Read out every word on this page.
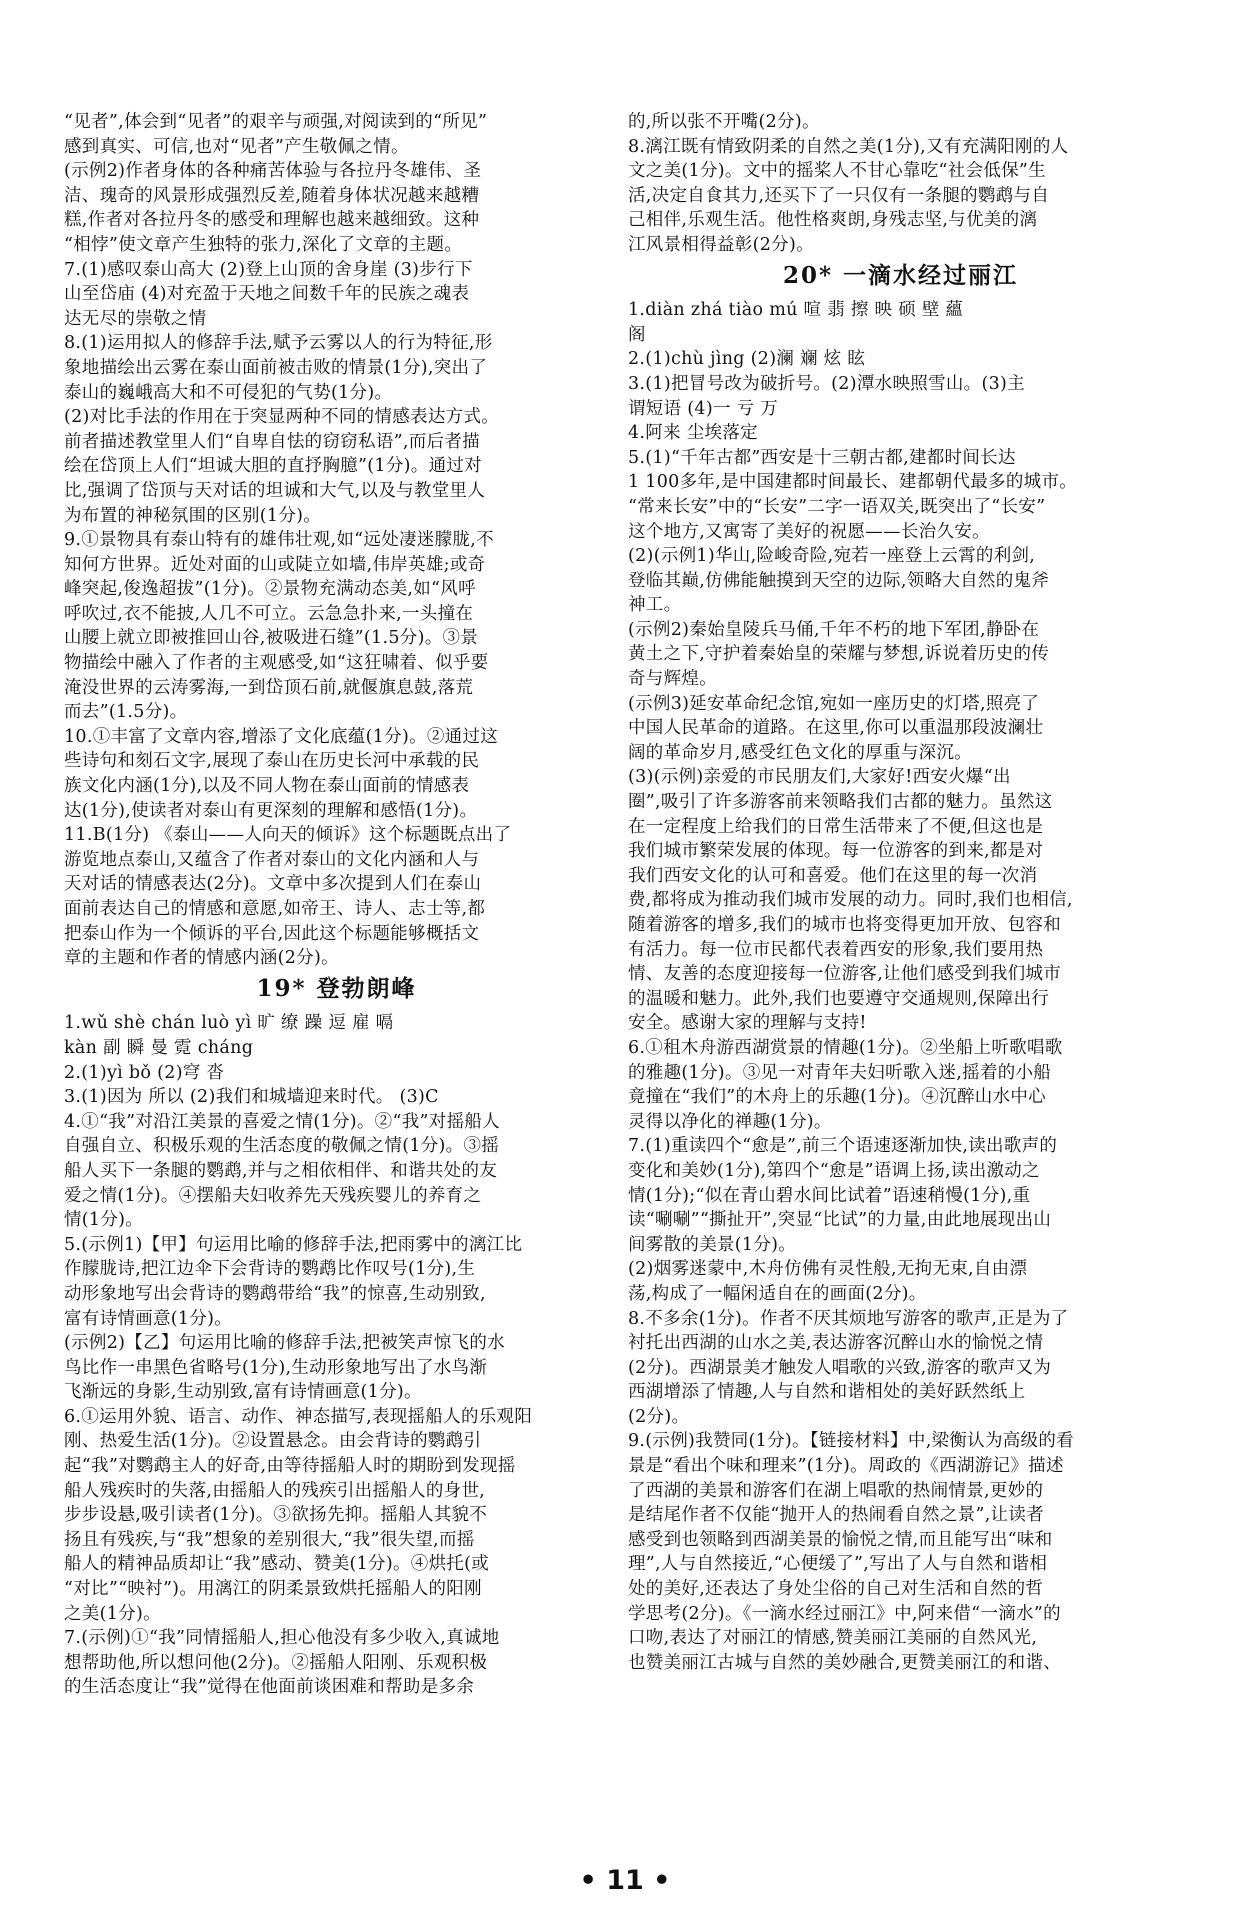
“见者”,体会到“见者”的艰辛与顽强,对阅读到的“所见”

感到真实、可信,也对“见者”产生敬佩之情。

(示例2)作者身体的各种痛苦体验与各拉丹冬雄伟、圣

洁、瑰奇的风景形成强烈反差,随着身体状况越来越糟

糕,作者对各拉丹冬的感受和理解也越来越细致。这种

“相悖”使文章产生独特的张力,深化了文章的主题。

7.(1)感叹泰山高大 (2)登上山顶的舍身崖 (3)步行下

山至岱庙 (4)对充盈于天地之间数千年的民族之魂表

达无尽的崇敬之情

8.(1)运用拟人的修辞手法,赋予云雾以人的行为特征,形

象地描绘出云雾在泰山面前被击败的情景(1分),突出了

泰山的巍峨高大和不可侵犯的气势(1分)。

(2)对比手法的作用在于突显两种不同的情感表达方式。

前者描述教堂里人们“自卑自怯的窃窃私语”,而后者描

绘在岱顶上人们“坦诚大胆的直抒胸臆”(1分)。通过对

比,强调了岱顶与天对话的坦诚和大气,以及与教堂里人

为布置的神秘氛围的区别(1分)。

9.①景物具有泰山特有的雄伟壮观,如“远处凄迷朦胧,不

知何方世界。近处对面的山或陡立如墙,伟岸英雄;或奇

峰突起,俊逸超拔”(1分)。②景物充满动态美,如“风呼

呼吹过,衣不能披,人几不可立。云急急扑来,一头撞在

山腰上就立即被推回山谷,被吸进石缝”(1.5分)。③景

物描绘中融入了作者的主观感受,如“这狂啸着、似乎要

淹没世界的云涛雾海,一到岱顶石前,就偃旗息鼓,落荒

而去”(1.5分)。

10.①丰富了文章内容,增添了文化底蕴(1分)。②通过这

些诗句和刻石文字,展现了泰山在历史长河中承载的民

族文化内涵(1分),以及不同人物在泰山面前的情感表

达(1分),使读者对泰山有更深刻的理解和感悟(1分)。

11.B(1分) 《泰山——人向天的倾诉》这个标题既点出了

游览地点泰山,又蕴含了作者对泰山的文化内涵和人与

天对话的情感表达(2分)。文章中多次提到人们在泰山

面前表达自己的情感和意愿,如帝王、诗人、志士等,都

把泰山作为一个倾诉的平台,因此这个标题能够概括文

章的主题和作者的情感内涵(2分)。

19* 登勃朗峰

1.wǔ shè chán luò yì 旷 缭 躁 逗 雇 嗝

kàn 副 瞬 曼 霓 cháng

2.(1)yì bǒ (2)穹 沓

3.(1)因为 所以 (2)我们和城墙迎来时代。 (3)C

4.①“我”对沿江美景的喜爱之情(1分)。②“我”对摇船人

自强自立、积极乐观的生活态度的敬佩之情(1分)。③摇

船人买下一条腿的鹦鹉,并与之相依相伴、和谐共处的友

爱之情(1分)。④摆船夫妇收养先天残疾婴儿的养育之

情(1分)。

5.(示例1)【甲】句运用比喻的修辞手法,把雨雾中的漓江比

作朦胧诗,把江边伞下会背诗的鹦鹉比作叹号(1分),生

动形象地写出会背诗的鹦鹉带给“我”的惊喜,生动别致,

富有诗情画意(1分)。

(示例2)【乙】句运用比喻的修辞手法,把被笑声惊飞的水

鸟比作一串黑色省略号(1分),生动形象地写出了水鸟渐

飞渐远的身影,生动别致,富有诗情画意(1分)。

6.①运用外貌、语言、动作、神态描写,表现摇船人的乐观阳

刚、热爱生活(1分)。②设置悬念。由会背诗的鹦鹉引

起“我”对鹦鹉主人的好奇,由等待摇船人时的期盼到发现摇

船人残疾时的失落,由摇船人的残疾引出摇船人的身世,

步步设悬,吸引读者(1分)。③欲扬先抑。摇船人其貌不

扬且有残疾,与“我”想象的差别很大,“我”很失望,而摇

船人的精神品质却让“我”感动、赞美(1分)。④烘托(或

“对比”“映衬”)。用漓江的阴柔景致烘托摇船人的阳刚

之美(1分)。

7.(示例)①“我”同情摇船人,担心他没有多少收入,真诚地

想帮助他,所以想问他(2分)。②摇船人阳刚、乐观积极

的生活态度让“我”觉得在他面前谈困难和帮助是多余

的,所以张不开嘴(2分)。

8.漓江既有情致阴柔的自然之美(1分),又有充满阳刚的人

文之美(1分)。文中的摇桨人不甘心靠吃“社会低保”生

活,决定自食其力,还买下了一只仅有一条腿的鹦鹉与自

己相伴,乐观生活。他性格爽朗,身残志坚,与优美的漓

江风景相得益彰(2分)。

20* 一滴水经过丽江

1.diàn zhá tiào mú 喧 翡 擦 映 硕 壁 蘊

阁

2.(1)chù jìng (2)澜 斓 炫 眩

3.(1)把冒号改为破折号。(2)潭水映照雪山。(3)主

谓短语 (4)一 亏 万

4.阿来 尘埃落定

5.(1)“千年古都”西安是十三朝古都,建都时间长达

1 100多年,是中国建都时间最长、建都朝代最多的城市。

“常来长安”中的“长安”二字一语双关,既突出了“长安”

这个地方,又寓寄了美好的祝愿——长治久安。

(2)(示例1)华山,险峻奇险,宛若一座登上云霄的利剑,

登临其巅,仿佛能触摸到天空的边际,领略大自然的鬼斧

神工。

(示例2)秦始皇陵兵马俑,千年不朽的地下军团,静卧在

黄土之下,守护着秦始皇的荣耀与梦想,诉说着历史的传

奇与辉煌。

(示例3)延安革命纪念馆,宛如一座历史的灯塔,照亮了

中国人民革命的道路。在这里,你可以重温那段波澜壮

阔的革命岁月,感受红色文化的厚重与深沉。

(3)(示例)亲爱的市民朋友们,大家好!西安火爆“出

圈”,吸引了许多游客前来领略我们古都的魅力。虽然这

在一定程度上给我们的日常生活带来了不便,但这也是

我们城市繁荣发展的体现。每一位游客的到来,都是对

我们西安文化的认可和喜爱。他们在这里的每一次消

费,都将成为推动我们城市发展的动力。同时,我们也相信,

随着游客的增多,我们的城市也将变得更加开放、包容和

有活力。每一位市民都代表着西安的形象,我们要用热

情、友善的态度迎接每一位游客,让他们感受到我们城市

的温暖和魅力。此外,我们也要遵守交通规则,保障出行

安全。感谢大家的理解与支持!

6.①租木舟游西湖赏景的情趣(1分)。②坐船上听歌唱歌

的雅趣(1分)。③见一对青年夫妇听歌入迷,摇着的小船

竟撞在“我们”的木舟上的乐趣(1分)。④沉醉山水中心

灵得以净化的禅趣(1分)。

7.(1)重读四个“愈是”,前三个语速逐渐加快,读出歌声的

变化和美妙(1分),第四个“愈是”语调上扬,读出激动之

情(1分);“似在青山碧水间比试着”语速稍慢(1分),重

读“唰唰”“撕扯开”,突显“比试”的力量,由此地展现出山

间雾散的美景(1分)。

(2)烟雾迷蒙中,木舟仿佛有灵性般,无拘无束,自由漂

荡,构成了一幅闲适自在的画面(2分)。

8.不多余(1分)。作者不厌其烦地写游客的歌声,正是为了

衬托出西湖的山水之美,表达游客沉醉山水的愉悦之情

(2分)。西湖景美才触发人唱歌的兴致,游客的歌声又为

西湖增添了情趣,人与自然和谐相处的美好跃然纸上

(2分)。

9.(示例)我赞同(1分)。【链接材料】中,梁衡认为高级的看

景是“看出个味和理来”(1分)。周政的《西湖游记》描述

了西湖的美景和游客们在湖上唱歌的热闹情景,更妙的

是结尾作者不仅能“抛开人的热闹看自然之景”,让读者

感受到也领略到西湖美景的愉悦之情,而且能写出“味和

理”,人与自然接近,“心便缓了”,写出了人与自然和谐相

处的美好,还表达了身处尘俗的自己对生活和自然的哲

学思考(2分)。《一滴水经过丽江》中,阿来借“一滴水”的

口吻,表达了对丽江的情感,赞美丽江美丽的自然风光,

也赞美丽江古城与自然的美妙融合,更赞美丽江的和谐、

• 11 •
